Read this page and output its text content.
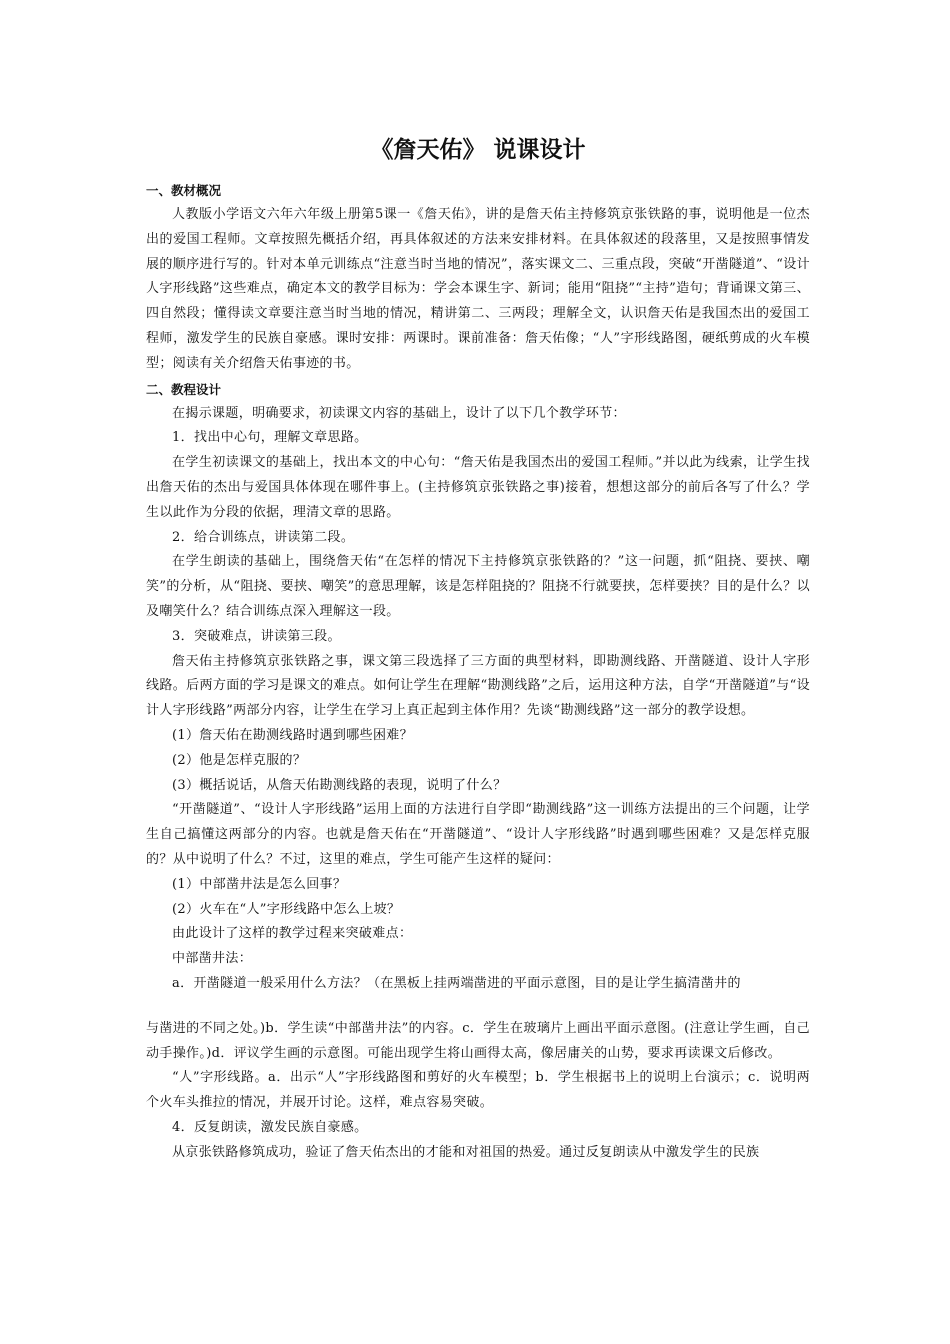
《詹天佑》 说课设计
一、教材概况

人教版小学语文六年六年级上册第5课一《詹天佑》，讲的是詹天佑主持修筑京张铁路的事，说明他是一位杰出的爱国工程师。文章按照先概括介绍，再具体叙述的方法来安排材料。在具体叙述的段落里，又是按照事情发展的顺序进行写的。针对本单元训练点“注意当时当地的情况”，落实课文二、三重点段，突破“开凿隧道”、“设计人字形线路”这些难点，确定本文的教学目标为：学会本课生字、新词；能用“阻挠”“主持”造句；背诵课文第三、四自然段；懂得读文章要注意当时当地的情况，精讲第二、三两段；理解全文，认识詹天佑是我国杰出的爱国工程师，激发学生的民族自豪感。课时安排：两课时。课前准备：詹天佑像；“人”字形线路图，硬纸剪成的火车模型；阅读有关介绍詹天佑事迹的书。

二、教程设计

在揭示课题，明确要求，初读课文内容的基础上，设计了以下几个教学环节：

1．找出中心句，理解文章思路。

在学生初读课文的基础上，找出本文的中心句：“詹天佑是我国杰出的爱国工程师。”并以此为线索，让学生找出詹天佑的杰出与爱国具体体现在哪件事上。(主持修筑京张铁路之事)接着，想想这部分的前后各写了什么？学生以此作为分段的依据，理清文章的思路。

2．给合训练点，讲读第二段。

在学生朗读的基础上，围绕詹天佑“在怎样的情况下主持修筑京张铁路的？”这一问题，抓“阻挠、要挟、嘲笑”的分析，从“阻挠、要挟、嘲笑”的意思理解，该是怎样阻挠的？阻挠不行就要挟，怎样要挟？目的是什么？以及嘲笑什么？结合训练点深入理解这一段。

3．突破难点，讲读第三段。

詹天佑主持修筑京张铁路之事，课文第三段选择了三方面的典型材料，即勘测线路、开凿隧道、设计人字形线路。后两方面的学习是课文的难点。如何让学生在理解“勘测线路”之后，运用这种方法，自学“开凿隧道”与“设计人字形线路”两部分内容，让学生在学习上真正起到主体作用？先谈“勘测线路”这一部分的教学设想。

(1）詹天佑在勘测线路时遇到哪些困难？

(2）他是怎样克服的？

(3）概括说话，从詹天佑勘测线路的表现，说明了什么？

“开凿隧道”、“设计人字形线路”运用上面的方法进行自学即“勘测线路”这一训练方法提出的三个问题，让学生自己搞懂这两部分的内容。也就是詹天佑在“开凿隧道”、“设计人字形线路”时遇到哪些困难？又是怎样克服的？从中说明了什么？不过，这里的难点，学生可能产生这样的疑问：

(1）中部凿井法是怎么回事？

(2）火车在“人”字形线路中怎么上坡？

由此设计了这样的教学过程来突破难点：

中部凿井法：

a．开凿隧道一般采用什么方法？（在黑板上挂两端凿进的平面示意图，目的是让学生搞清凿井的

与凿进的不同之处。)b．学生读“中部凿井法”的内容。c．学生在玻璃片上画出平面示意图。(注意让学生画，自己动手操作。)d．评议学生画的示意图。可能出现学生将山画得太高，像居庸关的山势，要求再读课文后修改。

“人”字形线路。a．出示“人”字形线路图和剪好的火车模型；b．学生根据书上的说明上台演示；c．说明两个火车头推拉的情况，并展开讨论。这样，难点容易突破。

4．反复朗读，激发民族自豪感。

从京张铁路修筑成功，验证了詹天佑杰出的才能和对祖国的热爱。通过反复朗读从中激发学生的民族
